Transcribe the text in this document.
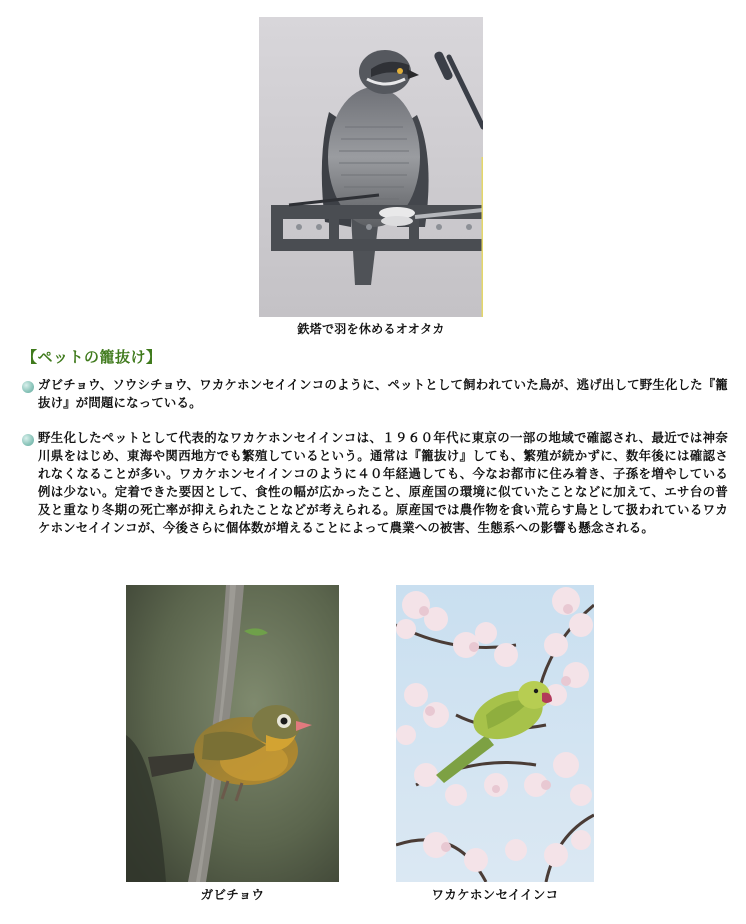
鉄塔で羽を休めるオオタカ
【ペットの籠抜け】
ガビチョウ、ソウシチョウ、ワカケホンセイインコのように、ペットとして飼われていた鳥が、逃げ出して野生化した『籠抜け』が問題になっている。
野生化したペットとして代表的なワカケホンセイインコは、１９６０年代に東京の一部の地域で確認され、最近では神奈川県をはじめ、東海や関西地方でも繁殖しているという。通常は『籠抜け』しても、繁殖が続かずに、数年後には確認されなくなることが多い。ワカケホンセイインコのように４０年経過しても、今なお都市に住み着き、子孫を増やしている例は少ない。定着できた要因として、食性の幅が広かったこと、原産国の環境に似ていたことなどに加えて、エサ台の普及と重なり冬期の死亡率が抑えられたことなどが考えられる。原産国では農作物を食い荒らす鳥として扱われているワカケホンセイインコが、今後さらに個体数が増えることによって農業への被害、生態系への影響も懸念される。
ガビチョウ	ワカケホンセイインコ
